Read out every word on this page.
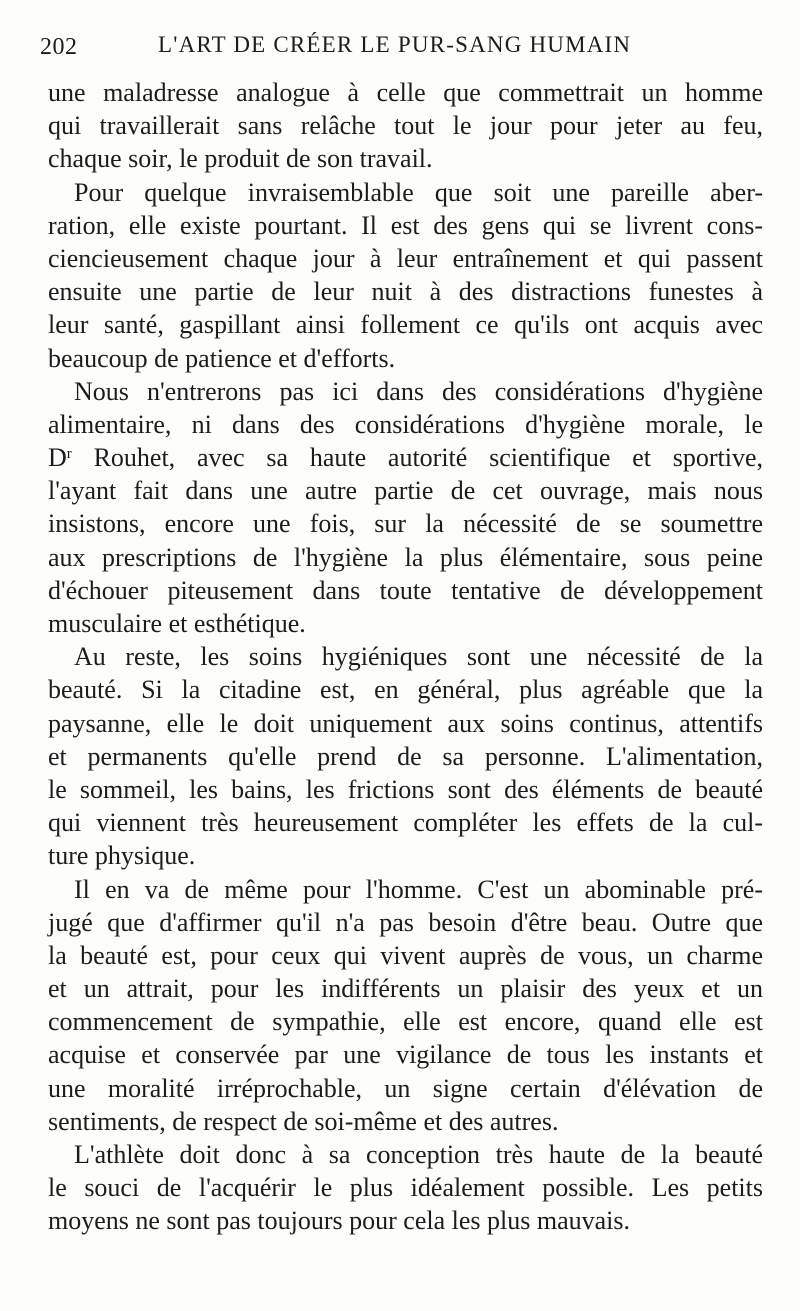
202	L'ART DE CRÉER LE PUR-SANG HUMAIN
une maladresse analogue à celle que commettrait un homme
qui travaillerait sans relâche tout le jour pour jeter au feu,
chaque soir, le produit de son travail.
Pour quelque invraisemblable que soit une pareille aber-
ration, elle existe pourtant. Il est des gens qui se livrent cons-
ciencieusement chaque jour à leur entraînement et qui passent
ensuite une partie de leur nuit à des distractions funestes à
leur santé, gaspillant ainsi follement ce qu'ils ont acquis avec
beaucoup de patience et d'efforts.
Nous n'entrerons pas ici dans des considérations d'hygiène
alimentaire, ni dans des considérations d'hygiène morale, le
$D^r$ Rouhet, avec sa haute autorité scientifique et sportive,
l'ayant fait dans une autre partie de cet ouvrage, mais nous
insistons, encore une fois, sur la nécessité de se soumettre
aux prescriptions de l'hygiène la plus élémentaire, sous peine
d'échouer piteusement dans toute tentative de développement
musculaire et esthétique.
Au reste, les soins hygiéniques sont une nécessité de la
beauté. Si la citadine est, en général, plus agréable que la
paysanne, elle le doit uniquement aux soins continus, attentifs
et permanents qu'elle prend de sa personne. L'alimentation,
le sommeil, les bains, les frictions sont des éléments de beauté
qui viennent très heureusement compléter les effets de la cul-
ture physique.
Il en va de même pour l'homme. C'est un abominable pré-
jugé que d'affirmer qu'il n'a pas besoin d'être beau. Outre que
la beauté est, pour ceux qui vivent auprès de vous, un charme
et un attrait, pour les indifférents un plaisir des yeux et un
commencement de sympathie, elle est encore, quand elle est
acquise et conservée par une vigilance de tous les instants et
une moralité irréprochable, un signe certain d'élévation de
sentiments, de respect de soi-même et des autres.
L'athlète doit donc à sa conception très haute de la beauté
le souci de l'acquérir le plus idéalement possible. Les petits
moyens ne sont pas toujours pour cela les plus mauvais.
